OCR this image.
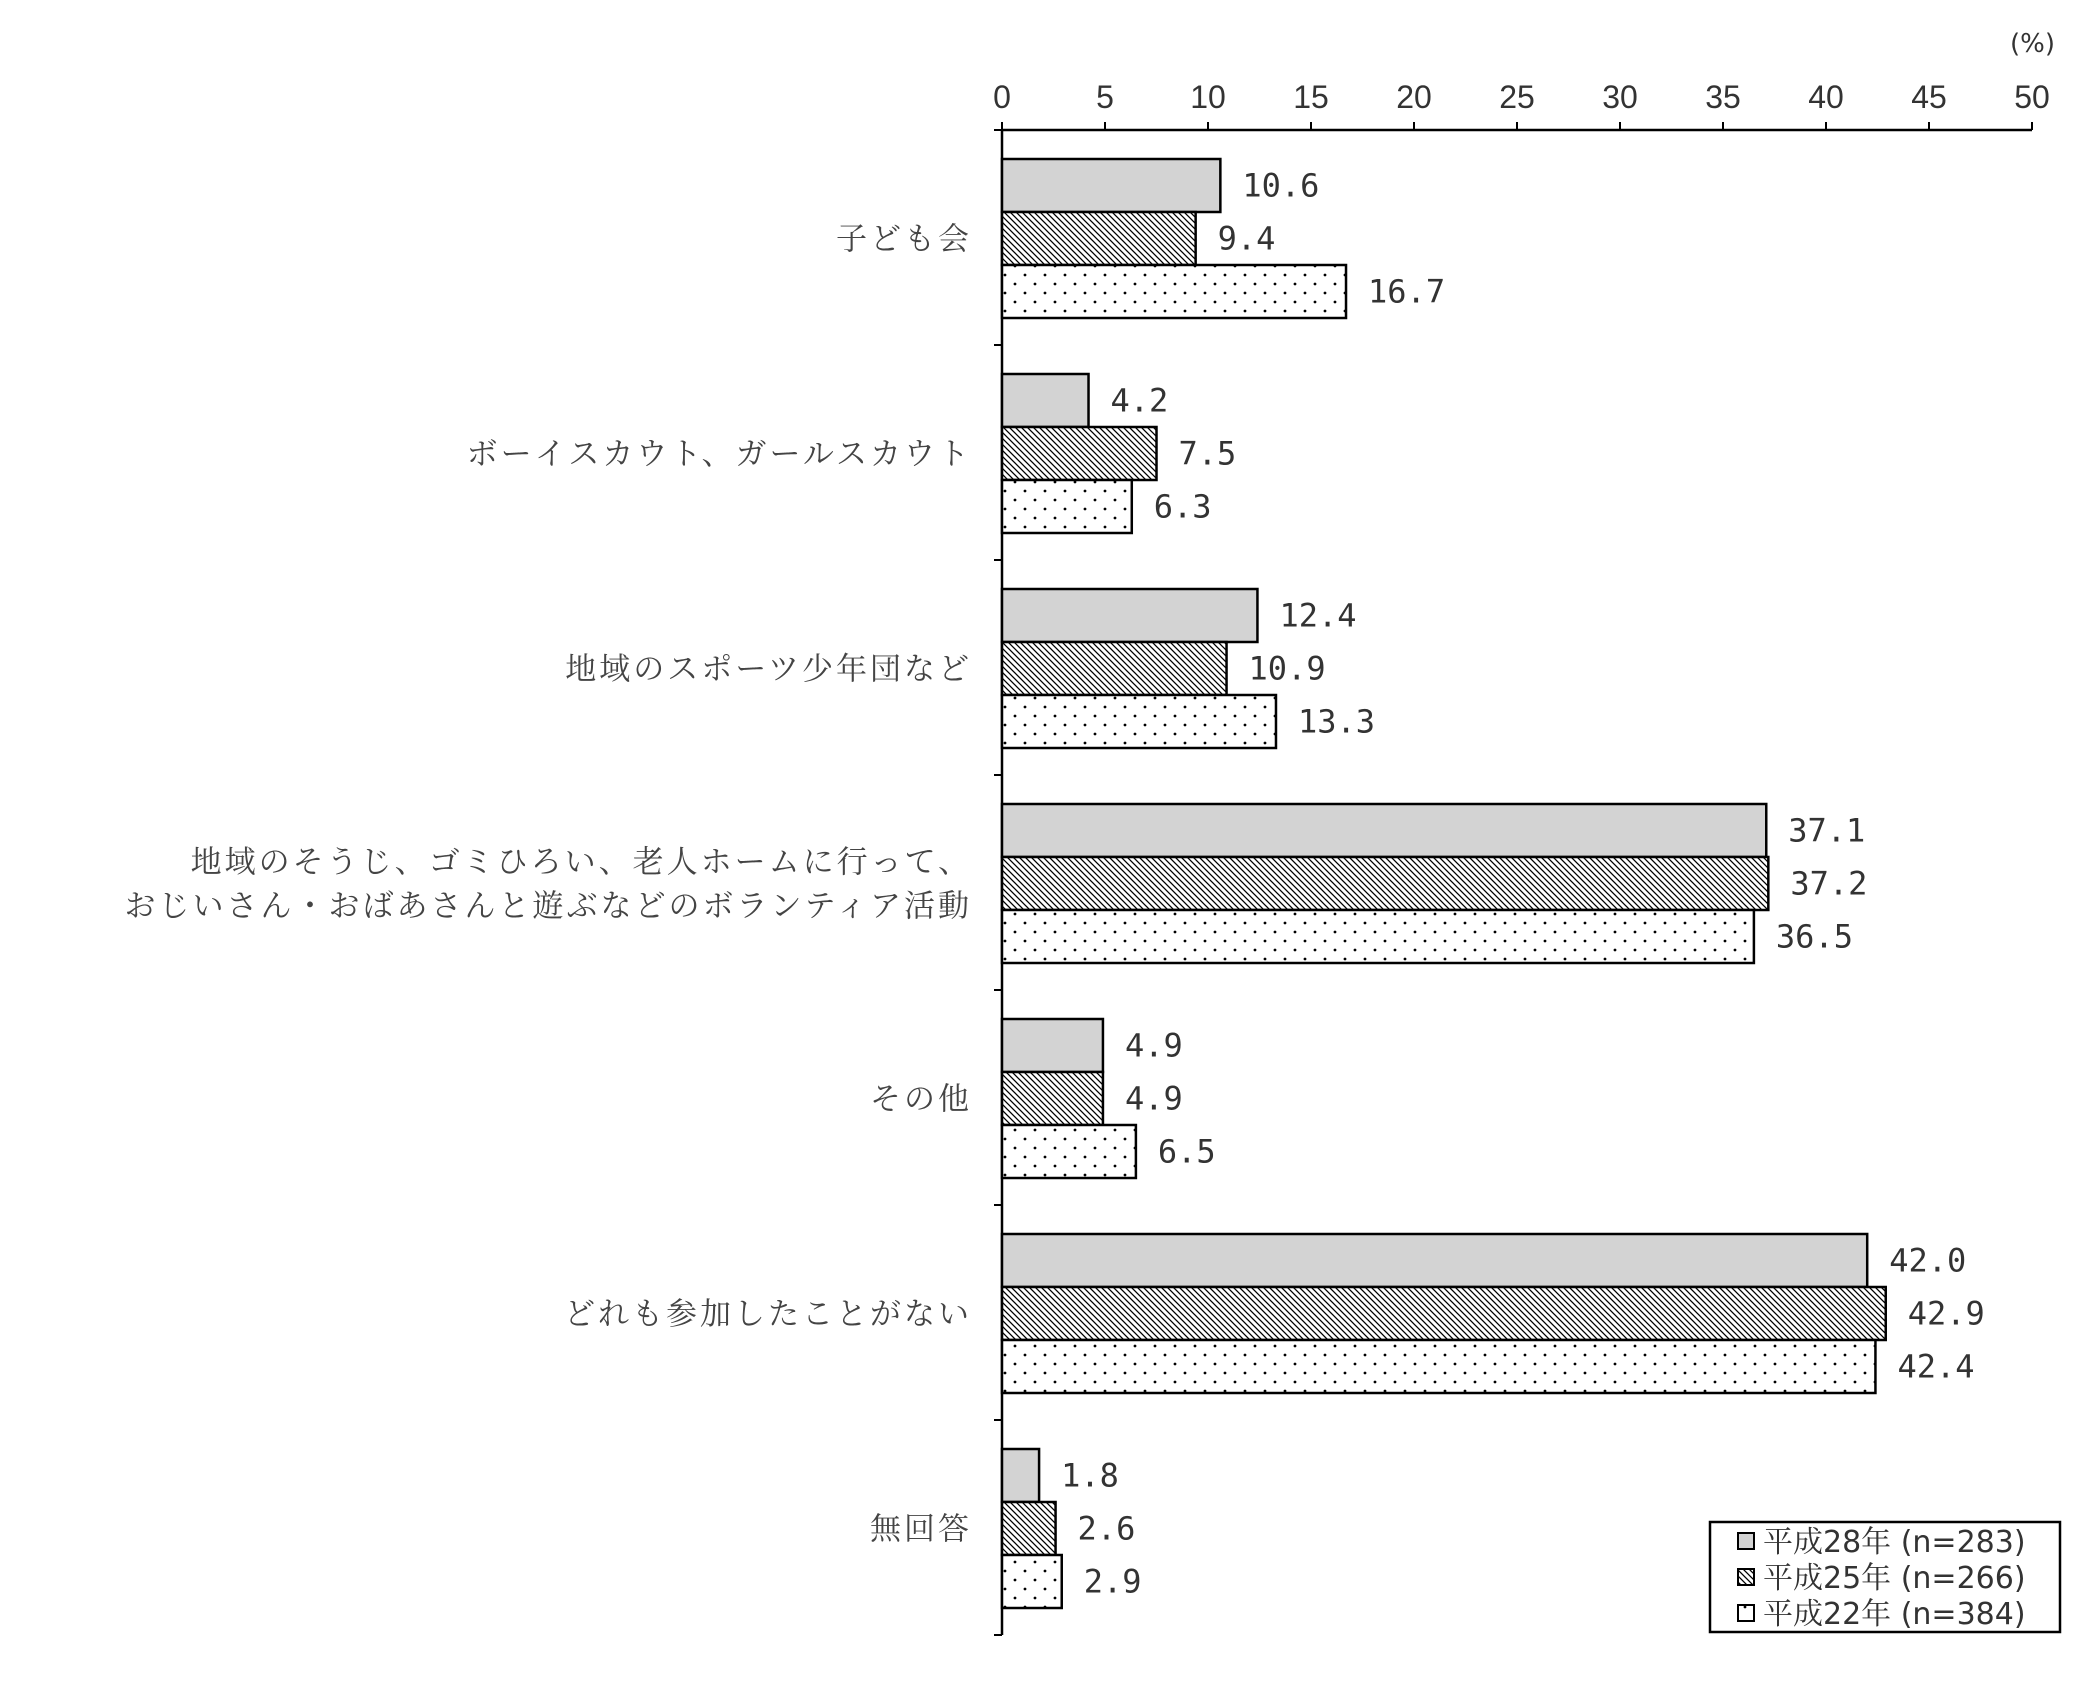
(%)
0	5 10 15 20 25 30 35 40 45 50
10.6
9.4
16.7
子ども会
4.2
7.5
6.3
ボーイスカウト、ガールスカウト
12.4
10.9
13.3
地域のスポーツ少年団など
37.1
37.2
36.5
地域のそうじ、ゴミひろい、老人ホームに行って、
おじいさん・おばあさんと遊ぶなどのボランティア活動
4.9
4.9
6.5
その他
42.0
42.9
42.4
どれも参加したことがない
1.8
2.6
2.9
無回答	平成28年 (n=283)
平成25年 (n=266)
平成22年 (n=384)
